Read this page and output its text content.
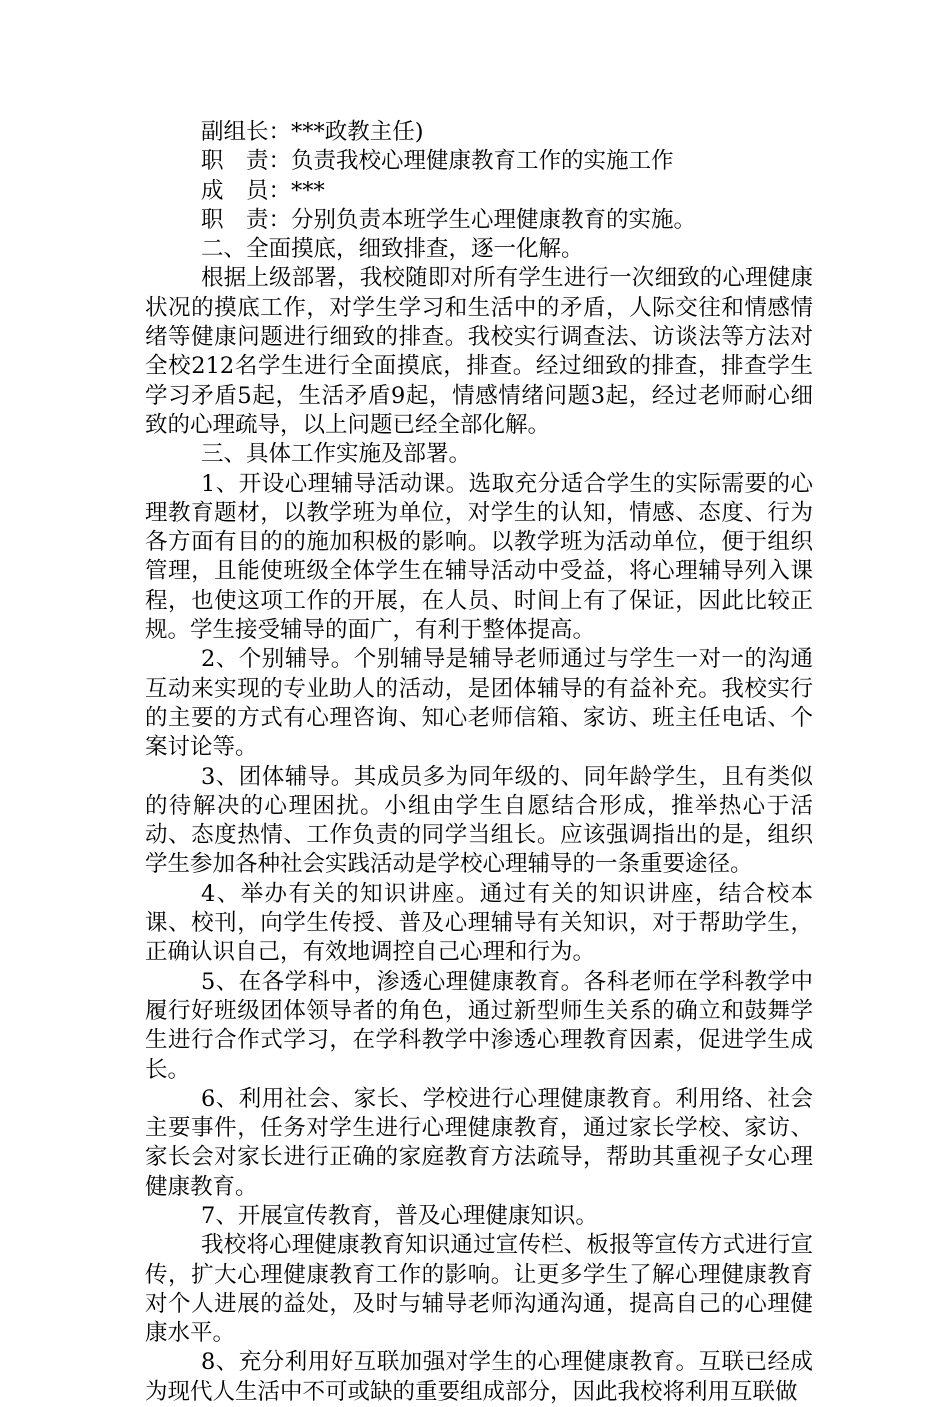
副组长：***政教主任)

职　责：负责我校心理健康教育工作的实施工作

成　员：***

职　责：分别负责本班学生心理健康教育的实施。

二、全面摸底，细致排查，逐一化解。

根据上级部署，我校随即对所有学生进行一次细致的心理健康状况的摸底工作，对学生学习和生活中的矛盾，人际交往和情感情绪等健康问题进行细致的排查。我校实行调查法、访谈法等方法对全校212名学生进行全面摸底，排查。经过细致的排查，排查学生学习矛盾5起，生活矛盾9起，情感情绪问题3起，经过老师耐心细致的心理疏导，以上问题已经全部化解。

三、具体工作实施及部署。

1、开设心理辅导活动课。选取充分适合学生的实际需要的心理教育题材，以教学班为单位，对学生的认知，情感、态度、行为各方面有目的的施加积极的影响。以教学班为活动单位，便于组织管理，且能使班级全体学生在辅导活动中受益，将心理辅导列入课程，也使这项工作的开展，在人员、时间上有了保证，因此比较正规。学生接受辅导的面广，有利于整体提高。

2、个别辅导。个别辅导是辅导老师通过与学生一对一的沟通互动来实现的专业助人的活动，是团体辅导的有益补充。我校实行的主要的方式有心理咨询、知心老师信箱、家访、班主任电话、个案讨论等。

3、团体辅导。其成员多为同年级的、同年龄学生，且有类似的待解决的心理困扰。小组由学生自愿结合形成，推举热心于活动、态度热情、工作负责的同学当组长。应该强调指出的是，组织学生参加各种社会实践活动是学校心理辅导的一条重要途径。

4、举办有关的知识讲座。通过有关的知识讲座，结合校本课、校刊，向学生传授、普及心理辅导有关知识，对于帮助学生，正确认识自己，有效地调控自己心理和行为。

5、在各学科中，渗透心理健康教育。各科老师在学科教学中履行好班级团体领导者的角色，通过新型师生关系的确立和鼓舞学生进行合作式学习，在学科教学中渗透心理教育因素，促进学生成长。

6、利用社会、家长、学校进行心理健康教育。利用络、社会主要事件，任务对学生进行心理健康教育，通过家长学校、家访、家长会对家长进行正确的家庭教育方法疏导，帮助其重视子女心理健康教育。

7、开展宣传教育，普及心理健康知识。

我校将心理健康教育知识通过宣传栏、板报等宣传方式进行宣传，扩大心理健康教育工作的影响。让更多学生了解心理健康教育对个人进展的益处，及时与辅导老师沟通沟通，提高自己的心理健康水平。

8、充分利用好互联加强对学生的心理健康教育。互联已经成为现代人生活中不可或缺的重要组成部分，因此我校将利用互联做
